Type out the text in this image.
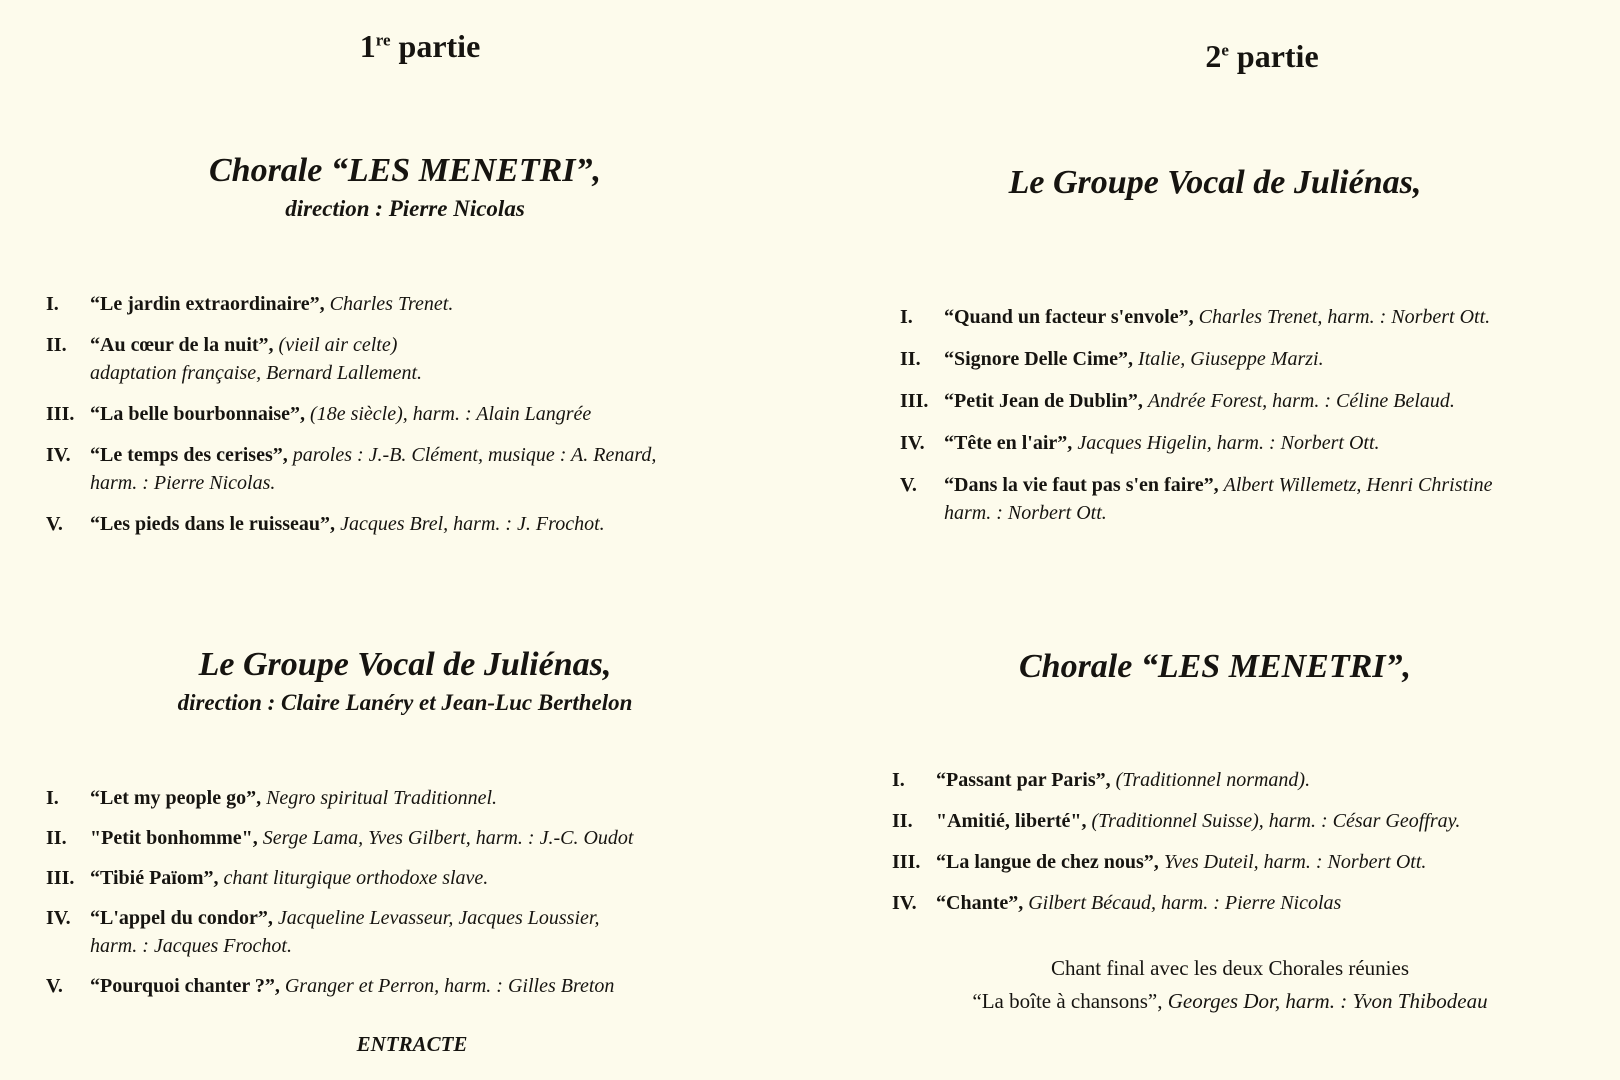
1re partie
Chorale “LES MENETRI”,

direction : Pierre Nicolas

I.	“Le jardin extraordinaire”, Charles Trenet.
II.	“Au cœur de la nuit”, (vieil air celte)
adaptation française, Bernard Lallement.
III. “La belle bourbonnaise”, (18e siècle), harm. : Alain Langrée
IV. “Le temps des cerises”, paroles : J.-B. Clément, musique : A. Renard,
harm. : Pierre Nicolas.
V.	“Les pieds dans le ruisseau”, Jacques Brel, harm. : J. Frochot.
Le Groupe Vocal de Juliénas,

direction : Claire Lanéry et Jean-Luc Berthelon

I.	“Let my people go”, Negro spiritual Traditionnel.
II.	"Petit bonhomme", Serge Lama, Yves Gilbert, harm. : J.-C. Oudot
III. “Tibié Païom”, chant liturgique orthodoxe slave.
IV. “L'appel du condor”, Jacqueline Levasseur, Jacques Loussier,
harm. : Jacques Frochot.
V.	“Pourquoi chanter ?”, Granger et Perron, harm. : Gilles Breton

ENTRACTE

2e partie
Le Groupe Vocal de Juliénas,
I.	“Quand un facteur s'envole”, Charles Trenet, harm. : Norbert Ott.
II.	“Signore Delle Cime”, Italie, Giuseppe Marzi.
III. “Petit Jean de Dublin”, Andrée Forest, harm. : Céline Belaud.
IV. “Tête en l'air”, Jacques Higelin, harm. : Norbert Ott.
V.	“Dans la vie faut pas s'en faire”, Albert Willemetz, Henri Christine
harm. : Norbert Ott.
Chorale “LES MENETRI”,
I.	“Passant par Paris”, (Traditionnel normand).
II.	"Amitié, liberté", (Traditionnel Suisse), harm. : César Geoffray.
III. “La langue de chez nous”, Yves Duteil, harm. : Norbert Ott.
IV. “Chante”, Gilbert Bécaud, harm. : Pierre Nicolas

Chant final avec les deux Chorales réunies

“La boîte à chansons”, Georges Dor, harm. : Yvon Thibodeau
